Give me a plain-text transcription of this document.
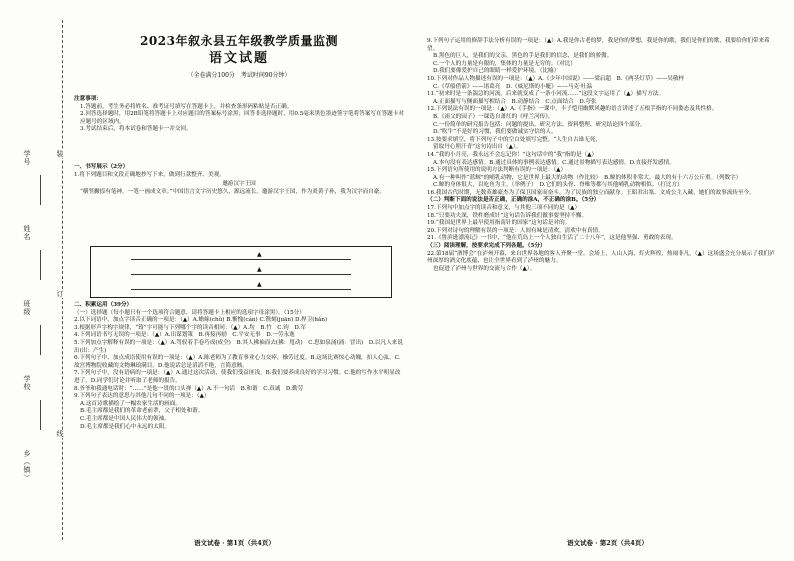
学号
姓名
班级
学校
乡（镇）
装
订
线
2023年叙永县五年级教学质量监测
语文试题
（全卷满分100分　考试时间90分钟）
注意事项：
1.答题前，考生务必将姓名、准考证号填写在答题卡上，并检查条形码粘贴是否正确。
2.回答选择题时，用2B铅笔将答题卡上对应题目的答案标号涂黑；回答非选择题时，用0.5毫米黑色墨迹签字笔将答案写在答题卡对应题号的区域内。
3.考试结束后，将本试卷和答题卡一并交回。
一、书写展示（2分）
1.将下列题目和文段正确地抄写下来，做到行款整齐、美观。
邀游汉字王国
“横竖撇捺有笔神，一笔一画成文章。”中国语言文字历史悠久，源远流长。邀游汉字王国，作为炎黄子孙，我为汉字而自豪。
▲
▲
▲
二、积累运用（39分）
（一）选择题（每小题只有一个选项符合题意，请将答题卡上相应的选项字母涂黑）。（15分）
2.以下词语中，加点字读音正确的一项是：（▲）A.蟾蜍(chǔ) B.惭愧(cán) C.镌刻(juān) D.捍卫(hǎn)
3.根据形声字构字规律，“筠”字可能与下列哪个字的读音相同：（▲）A.均　B.竹　C.钧　D.军
4.下列词语书写无误的一项是：（▲）A.出谋划策　B.再接再励　C.平安无事　D.一劳永逸
5.下列加点字解释有误的一项是：（▲）A.驾驭着手卷巧成(成全)　B.其人拂袖而去(拂：甩动)　C.思如泉涌(涌：冒出)　D.以凡人来说出(出：产生)
6.下列句子中，加点成语使用有误的一项是：（▲）A.陈老师为了教育事业心力交瘁，操劳过度。B.这场比赛惊心动魄，扣人心弦。C.故宫博物院收藏的文物琳琅满目。D.他说话总是滔滔不绝，言简意赅。
7.下列句子中，没有语病的一项是：（▲）A.通过这次活动，使我们受益匪浅。B.我们要养成良好的学习习惯。C.他的写作水平明显改进了。D.同学们讨论并听取了老师的报告。
8.爷爷和我通电话时：“……”是他一贯的口头禅（▲）A.不一句话　B.和谐　C.真诚　D.勤劳
9.下列句子表达的意思与其他几句不同的一项是：（▲）
A.这首诗歌描绘了一幅农家生活的画面。
B.毛主席都是我们的革命老前辈，父子相处和谐。
C.毛主席都是中国人民伟大的领袖。
D.毛主席都是我们心中永远的太阳。
语文试卷 · 第1页（共4页）
9.下列句子运用的修辞手法分析有误的一项是：（▲）A.我是你古老的梦，我是你的梦想，我是你的歌，我们是你们的歌，我要给你们带来希望。
B.黑色的巨人，是我们的父亲，黑色的手是我们的信念，是我们的骄傲。
C.一个人的力量是有限的，集体的力量是无穷的。（对比）
D.我们要像爱护自己的眼睛一样爱护环境。（比喻）
10.下列对作品人物描述有误的一项是：（▲）A.《少年中国说》——梁启超　B.《两茎灯草》——吴敬梓
C.《草船借箭》——诸葛亮　D.《威尼斯的小艇》——马克·吐温
11.“初来时是一条湍急的河流，后来就变成了一条小河流……”这段文字运用了（▲）描写方法。
A.正面描写与侧面描写相结合　B.动静结合　C.点面结合　D.夸张
12.下列说法有误的一项是：（▲）A.《手指》一课中，丰子恺用幽默风趣的语言讲述了五根手指的不同姿态及其性格。
B.《祖父的园子》一课选自萧红的《呼兰河传》。
C.一份简单的研究报告包括：问题的提出、研究方法、资料整理、研究结论四个部分。
D.“吹牛”不是好的习惯，我们要做诚实守信的人。
13.按要求填空，将下列句子中的空白处填写完整。“人生自古谁无死，
留取丹心照汗青”这句诗出自（▲）。
14.“我的小月亮，我永远不会忘记你！”这句话中的“我”指的是（▲）
A.本句没有表达感情。B.通过具体的事例表达感情。C.通过景物描写表达感情。D.直接抒发感情。
15.下列语句所使用的说明方法判断有误的一项是：（▲）
A.有一种叫作“蓝鲸”的哺乳动物，它是世界上最大的动物（作比较）　B.鲸的体积非常大，最大的有十六万公斤重。（列数字）
C.鲸的身体很大，以吃鱼为主。（举例子）　D.它们的头骨、脊椎等都与其他哺乳动物相似。（打比方）
16.我国古代时期，无数英雄豪杰为了保卫国家而奋斗，为了民族的独立而献身。王昭君出塞、文成公主入藏，她们的故事流传至今。
（二）判断下面的说法是否正确，正确的涂A，不正确的涂B。（5分）
17.下列句中加点字的读音和意义，与其他三项不同的是（▲）
18.“只要功夫深，铁杵磨成针”这句话告诉我们做事要坚持不懈。
19.“我国是世界上最早使用指南针的国家”这句话是对的。
20.下列对诗句的理解有误的一项是：人间有味是清欢，清欢中有真情。
21.《鲁滨逊漂流记》一书中，“他在荒岛上一个人独自生活了二十八年”，这是他坚强、勇敢的表现。
（三）阅读理解，按要求完成下列各题。（5分）
22.第18届“酒博会”在泸州开幕，来自世界各地的客人齐聚一堂。会场上，人山人海，灯火辉煌，热闹非凡。（▲）这场盛会充分展示了我们泸州深厚的酒文化底蕴，也让全世界看到了泸州的魅力。
也促进了泸州与世界的交流与合作（▲）。
语文试卷 · 第2页（共4页）
